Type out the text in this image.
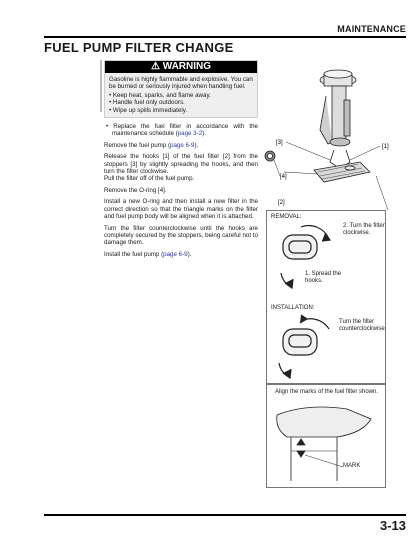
MAINTENANCE
FUEL PUMP FILTER CHANGE
⚠ WARNING
Gasoline is highly flammable and explosive. You can be burned or seriously injured when handling fuel.
• Keep heat, sparks, and flame away.
• Handle fuel only outdoors.
• Wipe up spills immediately.
• Replace the fuel filter in accordance with the maintenance schedule (page 3-2).
Remove the fuel pump (page 6-9).
Release the hooks [1] of the fuel filter [2] from the stoppers [3] by slightly spreading the hooks, and then turn the filter clockwise.
Pull the filter off of the fuel pump.
Remove the O-ring [4].
Install a new O-ring and then install a new filter in the correct direction so that the triangle marks on the filter and fuel pump body will be aligned when it is attached.
Turn the filter counterclockwise until the hooks are completely secured by the stoppers, being careful not to damage them.
Install the fuel pump (page 6-9).
[3]
[1]
[4]
[2]
REMOVAL:
2. Turn the filter clockwise.
1. Spread the hooks.
INSTALLATION:
Turn the filter counterclockwise.
Align the marks of the fuel filter shown.
MARK
3-13
